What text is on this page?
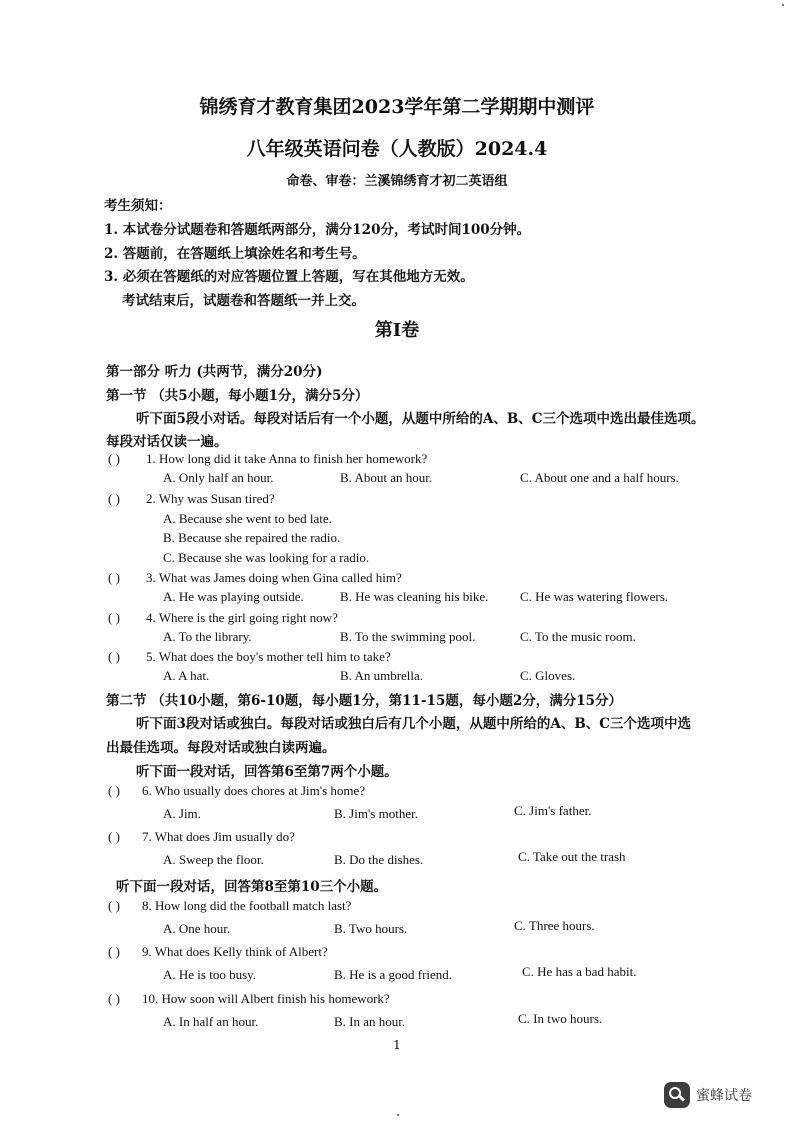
锦绣育才教育集团2023学年第二学期期中测评
八年级英语问卷（人教版）2024.4
命卷、审卷：兰溪锦绣育才初二英语组
考生须知：
1. 本试卷分试题卷和答题纸两部分，满分120分，考试时间100分钟。
2. 答题前，在答题纸上填涂姓名和考生号。
3. 必须在答题纸的对应答题位置上答题，写在其他地方无效。
考试结束后，试题卷和答题纸一并上交。
第I卷
第一部分 听力 (共两节，满分20分)
第一节 （共5小题，每小题1分，满分5分）
听下面5段小对话。每段对话后有一个小题，从题中所给的A、B、C三个选项中选出最佳选项。
每段对话仅读一遍。
( ) 1. How long did it take Anna to finish her homework?
A. Only half an hour.	B. About an hour.	C. About one and a half hours.
( ) 2. Why was Susan tired?
A. Because she went to bed late.
B. Because she repaired the radio.
C. Because she was looking for a radio.
( ) 3. What was James doing when Gina called him?
A. He was playing outside.	B. He was cleaning his bike. C. He was watering flowers.
( ) 4. Where is the girl going right now?
A. To the library.	B. To the swimming pool.	C. To the music room.
( ) 5. What does the boy's mother tell him to take?
A. A hat.	B. An umbrella.	C. Gloves.
第二节 （共10小题，第6-10题，每小题1分，第11-15题，每小题2分，满分15分）
听下面3段对话或独白。每段对话或独白后有几个小题，从题中所给的A、B、C三个选项中选
出最佳选项。每段对话或独白读两遍。
听下面一段对话，回答第6至第7两个小题。
( ) 6. Who usually does chores at Jim's home?
A. Jim.	B. Jim's mother.	C. Jim's father.
( ) 7. What does Jim usually do?
A. Sweep the floor.	B. Do the dishes.	C. Take out the trash
听下面一段对话，回答第8至第10三个小题。
( ) 8. How long did the football match last?
A. One hour.	B. Two hours.	C. Three hours.
( ) 9. What does Kelly think of Albert?
A. He is too busy.	B. He is a good friend.	C. He has a bad habit.
( ) 10. How soon will Albert finish his homework?
A. In half an hour.	B. In an hour.	C. In two hours.
1
蜜蜂试卷
